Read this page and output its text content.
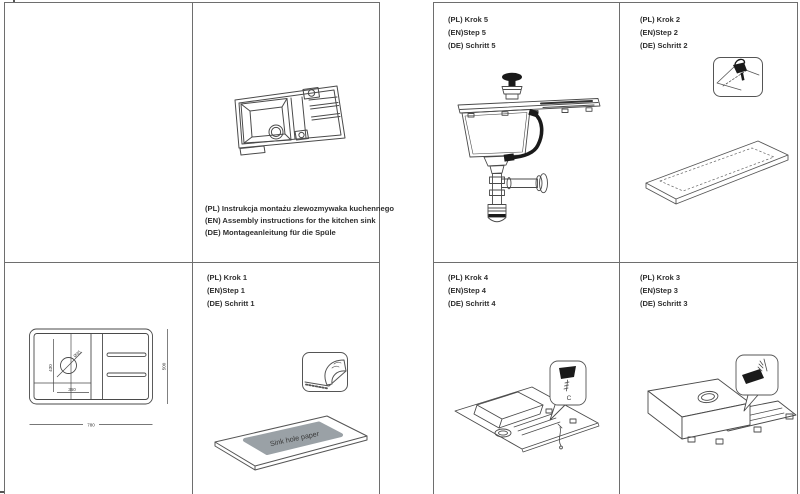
(PL) Instrukcja montażu zlewozmywaka kuchennego
(EN) Assembly instructions for the kitchen sink
(DE) Montageanleitung für die Spüle
Ø35
430
360
500
780
(PL) Krok 1
(EN)Step 1
(DE) Schritt 1
Sink hole paper
(PL) Krok 5
(EN)Step 5
(DE) Schritt 5
(PL) Krok 2
(EN)Step 2
(DE) Schritt 2
(PL) Krok 4
(EN)Step 4
(DE) Schritt 4
C
(PL) Krok 3
(EN)Step 3
(DE) Schritt 3
